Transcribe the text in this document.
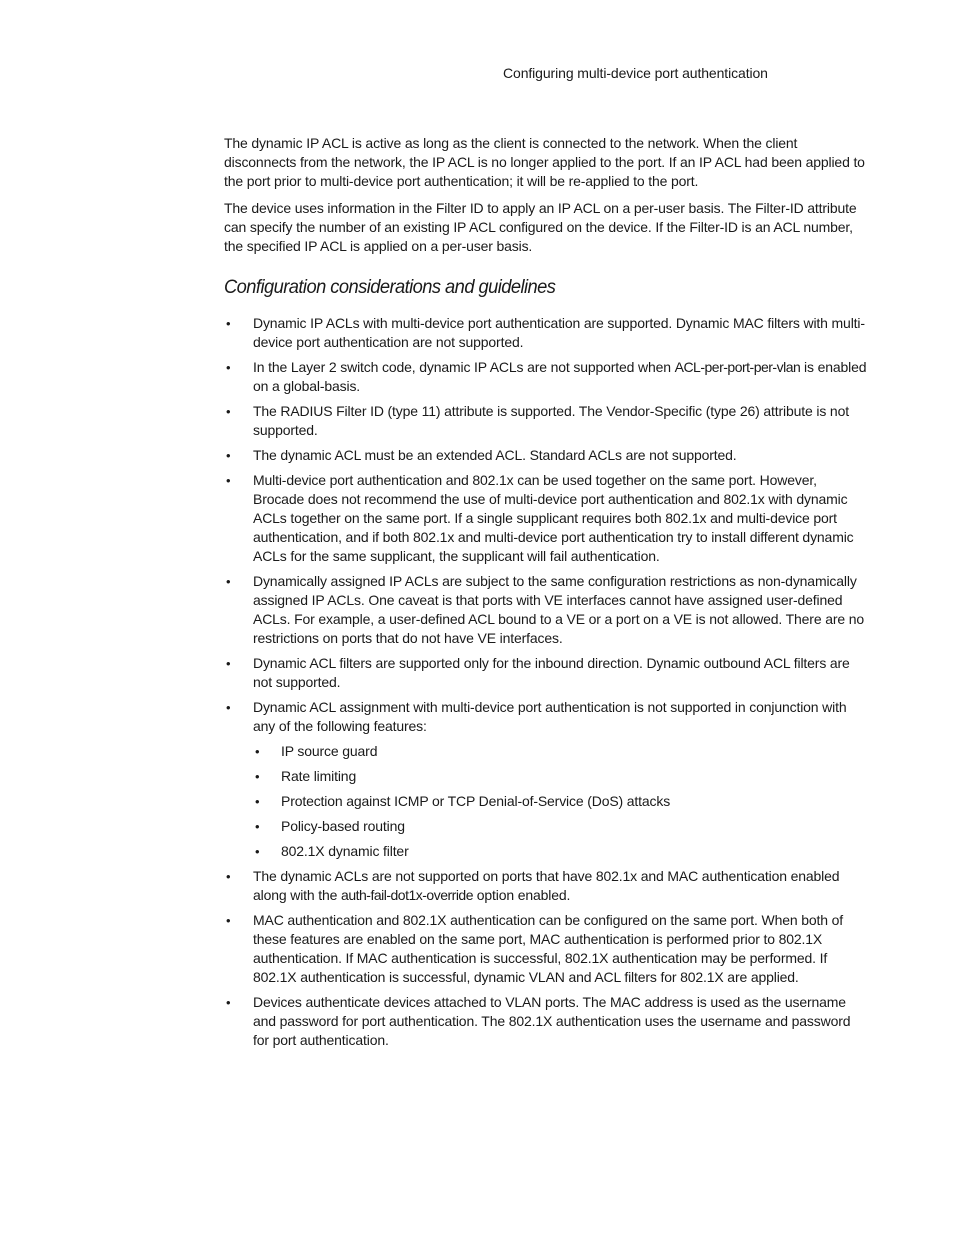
Configuring multi-device port authentication

The dynamic IP ACL is active as long as the client is connected to the network. When the client disconnects from the network, the IP ACL is no longer applied to the port. If an IP ACL had been applied to the port prior to multi-device port authentication; it will be re-applied to the port.

The device uses information in the Filter ID to apply an IP ACL on a per-user basis. The Filter-ID attribute can specify the number of an existing IP ACL configured on the device. If the Filter-ID is an ACL number, the specified IP ACL is applied on a per-user basis.

Configuration considerations and guidelines
• Dynamic IP ACLs with multi-device port authentication are supported. Dynamic MAC filters with multi-device port authentication are not supported.
• In the Layer 2 switch code, dynamic IP ACLs are not supported when ACL-per-port-per-vlan is enabled on a global-basis.
• The RADIUS Filter ID (type 11) attribute is supported. The Vendor-Specific (type 26) attribute is not supported.
• The dynamic ACL must be an extended ACL. Standard ACLs are not supported.
• Multi-device port authentication and 802.1x can be used together on the same port. However, Brocade does not recommend the use of multi-device port authentication and 802.1x with dynamic ACLs together on the same port. If a single supplicant requires both 802.1x and multi-device port authentication, and if both 802.1x and multi-device port authentication try to install different dynamic ACLs for the same supplicant, the supplicant will fail authentication.
• Dynamically assigned IP ACLs are subject to the same configuration restrictions as non-dynamically assigned IP ACLs. One caveat is that ports with VE interfaces cannot have assigned user-defined ACLs. For example, a user-defined ACL bound to a VE or a port on a VE is not allowed. There are no restrictions on ports that do not have VE interfaces.
• Dynamic ACL filters are supported only for the inbound direction. Dynamic outbound ACL filters are not supported.
• Dynamic ACL assignment with multi-device port authentication is not supported in conjunction with any of the following features:
• IP source guard
• Rate limiting
• Protection against ICMP or TCP Denial-of-Service (DoS) attacks
• Policy-based routing
• 802.1X dynamic filter
• The dynamic ACLs are not supported on ports that have 802.1x and MAC authentication enabled along with the auth-fail-dot1x-override option enabled.
• MAC authentication and 802.1X authentication can be configured on the same port. When both of these features are enabled on the same port, MAC authentication is performed prior to 802.1X authentication. If MAC authentication is successful, 802.1X authentication may be performed. If 802.1X authentication is successful, dynamic VLAN and ACL filters for 802.1X are applied.
• Devices authenticate devices attached to VLAN ports. The MAC address is used as the username and password for port authentication. The 802.1X authentication uses the username and password for port authentication.
